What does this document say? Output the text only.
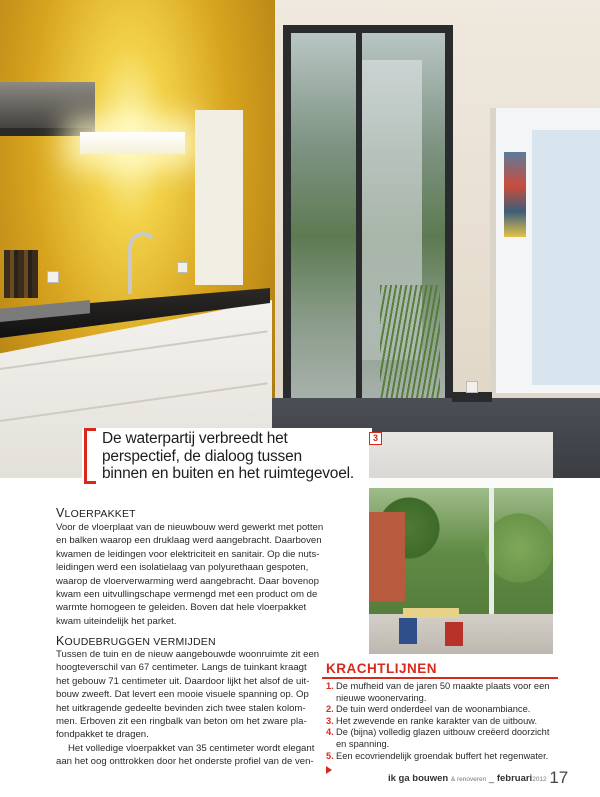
De waterpartij verbreedt het
perspectief, de dialoog tussen
binnen en buiten en het ruimtegevoel.
3
VLOERPAKKET
Voor de vloerplaat van de nieuwbouw werd gewerkt met potten
en balken waarop een druklaag werd aangebracht. Daarboven
kwamen de leidingen voor elektriciteit en sanitair. Op die nuts-
leidingen werd een isolatielaag van polyurethaan gespoten,
waarop de vloerverwarming werd aangebracht. Daar bovenop
kwam een uitvullingschape vermengd met een product om de
warmte homogeen te geleiden. Boven dat hele vloerpakket
kwam uiteindelijk het parket.
KOUDEBRUGGEN VERMIJDEN
Tussen de tuin en de nieuw aangebouwde woonruimte zit een
hoogteverschil van 67 centimeter. Langs de tuinkant kraagt
het gebouw 71 centimeter uit. Daardoor lijkt het alsof de uit-
bouw zweeft. Dat levert een mooie visuele spanning op. Op
het uitkragende gedeelte bevinden zich twee stalen kolom-
men. Erboven zit een ringbalk van beton om het zware pla-
fondpakket te dragen.
Het volledige vloerpakket van 35 centimeter wordt elegant
aan het oog onttrokken door het onderste profiel van de ven-
KRACHTLIJNEN
1. De mufheid van de jaren 50 maakte plaats voor een nieuwe woonervaring.
2. De tuin werd onderdeel van de woonambiance.
3. Het zwevende en ranke karakter van de uitbouw.
4. De (bijna) volledig glazen uitbouw creëerd doorzicht en spanning.
5. Een ecovriendelijk groendak buffert het regenwater.
ik ga bouwen & renoveren _ februari2012 17
